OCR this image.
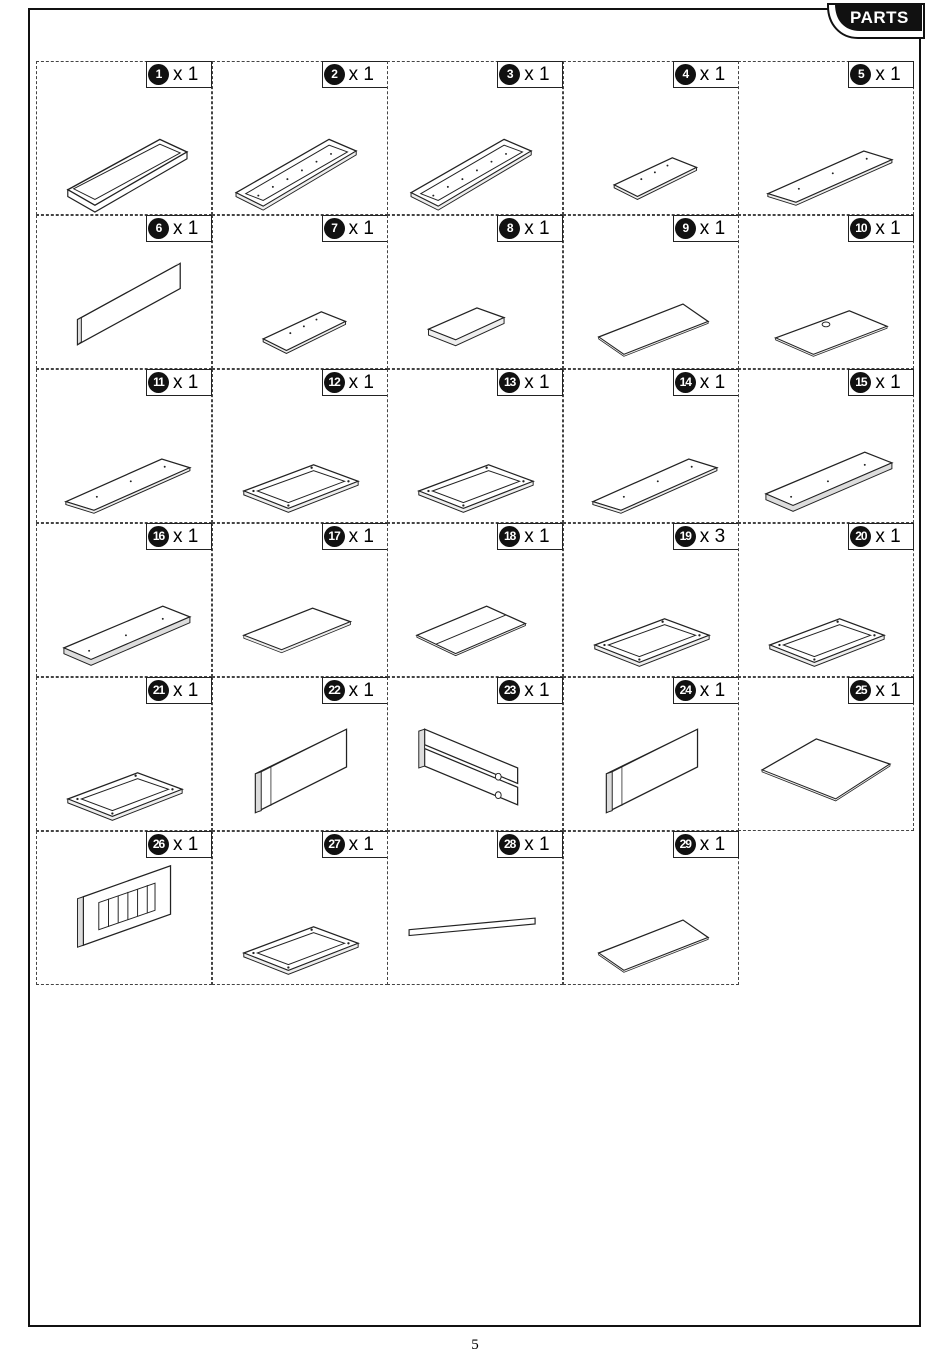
PARTS
1 x 1	2 x 1	3 x 1	4 x 1	5 x 1
6 x 1	7 x 1	8 x 1	9 x 1	10 x 1
11 x 1	12 x 1	13 x 1	14 x 1	15 x 1
16 x 1	17 x 1	18 x 1	19 x 3	20 x 1
21 x 1	22 x 1	23 x 1	24 x 1	25 x 1
26 x 1	27 x 1	28 x 1	29 x 1
5
